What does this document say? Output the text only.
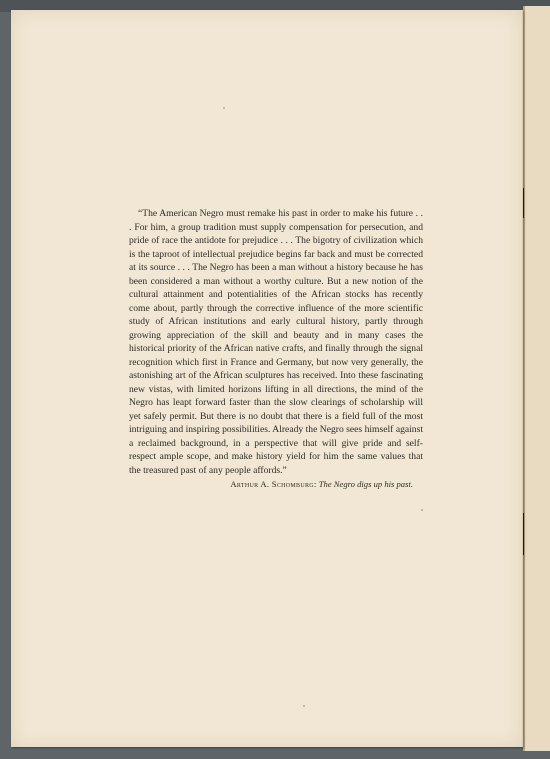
“The American Negro must remake his past in order to make his future . . . For him, a group tradition must supply compensation for persecution, and pride of race the antidote for prejudice . . . The bigotry of civilization which is the taproot of intellectual prejudice begins far back and must be corrected at its source . . . The Negro has been a man without a history because he has been considered a man without a worthy culture. But a new notion of the cultural attainment and potentialities of the African stocks has recently come about, partly through the corrective influence of the more scientific study of African institutions and early cultural history, partly through growing appreciation of the skill and beauty and in many cases the historical priority of the African native crafts, and finally through the signal recognition which first in France and Germany, but now very generally, the astonishing art of the African sculptures has received. Into these fascinating new vistas, with limited horizons lifting in all directions, the mind of the Negro has leapt forward faster than the slow clearings of scholarship will yet safely permit. But there is no doubt that there is a field full of the most intriguing and inspiring possibilities. Already the Negro sees himself against a reclaimed background, in a perspective that will give pride and self-respect ample scope, and make history yield for him the same values that the treasured past of any people affords.”

Arthur A. Schomburg: The Negro digs up his past.
